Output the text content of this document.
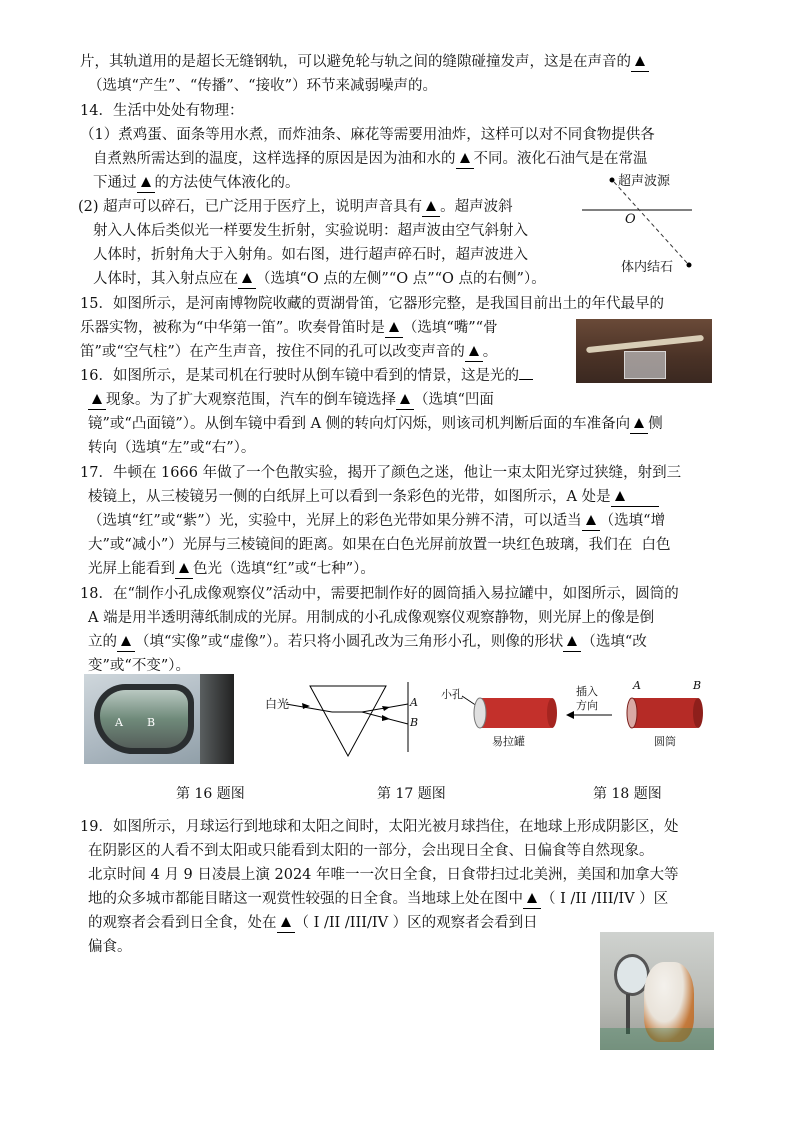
片，其轨道用的是超长无缝钢轨，可以避免轮与轨之间的缝隙碰撞发声，这是在声音的
（选填“产生”、“传播”、“接收”）环节来减弱噪声的。
14．生活中处处有物理：
（1）煮鸡蛋、面条等用水煮，而炸油条、麻花等需要用油炸，这样可以对不同食物提供各
自煮熟所需达到的温度，这样选择的原因是因为油和水的 不同。液化石油气是在常温
下通过 的方法使气体液化的。
(2) 超声可以碎石，已广泛用于医疗上，说明声音具有 。超声波斜
射入人体后类似光一样要发生折射，实验说明：超声波由空气斜射入
人体时，折射角大于入射角。如右图，进行超声碎石时，超声波进入
人体时，其入射点应在 （选填“O 点的左侧”“O 点”“O 点的右侧”）。
超声波源
O
体内结石
15．如图所示，是河南博物院收藏的贾湖骨笛，它器形完整，是我国目前出土的年代最早的
乐器实物，被称为“中华第一笛”。吹奏骨笛时是 （选填“嘴”“骨
笛”或“空气柱”）在产生声音，按住不同的孔可以改变声音的 。
16．如图所示，是某司机在行驶时从倒车镜中看到的情景，这是光的
现象。为了扩大观察范围，汽车的倒车镜选择 （选填“凹面
镜”或“凸面镜”）。从倒车镜中看到 A 侧的转向灯闪烁，则该司机判断后面的车准备向 侧
转向（选填“左”或“右”）。
17．牛顿在 1666 年做了一个色散实验，揭开了颜色之迷，他让一束太阳光穿过狭缝，射到三
棱镜上，从三棱镜另一侧的白纸屏上可以看到一条彩色的光带，如图所示，A 处是
（选填“红”或“紫”）光，实验中，光屏上的彩色光带如果分辨不清，可以适当 （选填“增
大”或“减小”）光屏与三棱镜间的距离。如果在白色光屏前放置一块红色玻璃，我们在  白色
光屏上能看到 色光（选填“红”或“七种”）。
18．在“制作小孔成像观察仪”活动中，需要把制作好的圆筒插入易拉罐中，如图所示，圆筒的
A 端是用半透明薄纸制成的光屏。用制成的小孔成像观察仪观察静物，则光屏上的像是倒
立的 （填“实像”或“虚像”）。若只将小圆孔改为三角形小孔，则像的形状 （选填“改
变”或“不变”）。
A B
白光	A
B
小孔
易拉罐
插入
方向
A	B
圆筒
第 16 题图	第 17 题图	第 18 题图
19．如图所示，月球运行到地球和太阳之间时，太阳光被月球挡住，在地球上形成阴影区，处
在阴影区的人看不到太阳或只能看到太阳的一部分，会出现日全食、日偏食等自然现象。
北京时间 4 月 9 日凌晨上演 2024 年唯一一次日全食，日食带扫过北美洲，美国和加拿大等
地的众多城市都能目睹这一观赏性较强的日全食。当地球上处在图中 （ I /II /III/IV ）区
的观察者会看到日全食，处在 （ I /II /III/IV ）区的观察者会看到日
偏食。
